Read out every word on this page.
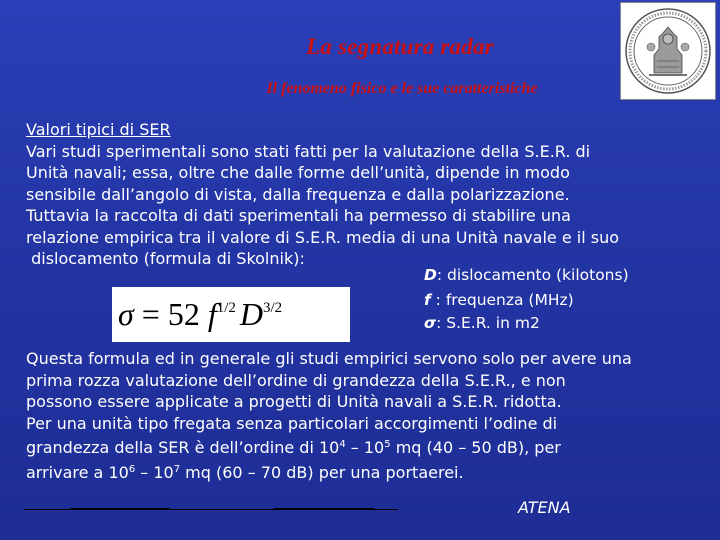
La segnatura radar
Il fenomeno fisico e le sue caratteristiche
Valori tipici di SER
Vari studi sperimentali sono stati fatti per la valutazione della S.E.R. di
Unità navali; essa, oltre che dalle forme dell’unità, dipende in modo
sensibile dall’angolo di vista, dalla frequenza e dalla polarizzazione.
Tuttavia la raccolta di dati sperimentali ha permesso di stabilire una
relazione empirica tra il valore di S.E.R. media di una Unità navale e il suo
dislocamento (formula di Skolnik):
σ = 52 $f^{1/2}$ $D^{3/2}$
D: dislocamento (kilotons)
f : frequenza (MHz)
σ: S.E.R. in m2
Questa formula ed in generale gli studi empirici servono solo per avere una
prima rozza valutazione dell’ordine di grandezza della S.E.R., e non
possono essere applicate a progetti di Unità navali a S.E.R. ridotta.
Per una unità tipo fregata senza particolari accorgimenti l’odine di
grandezza della SER è dell’ordine di $10^4 - 10^5$ mq (40 – 50 dB), per
arrivare a $10^6 - 10^7$ mq (60 – 70 dB) per una portaerei.
ATENA
